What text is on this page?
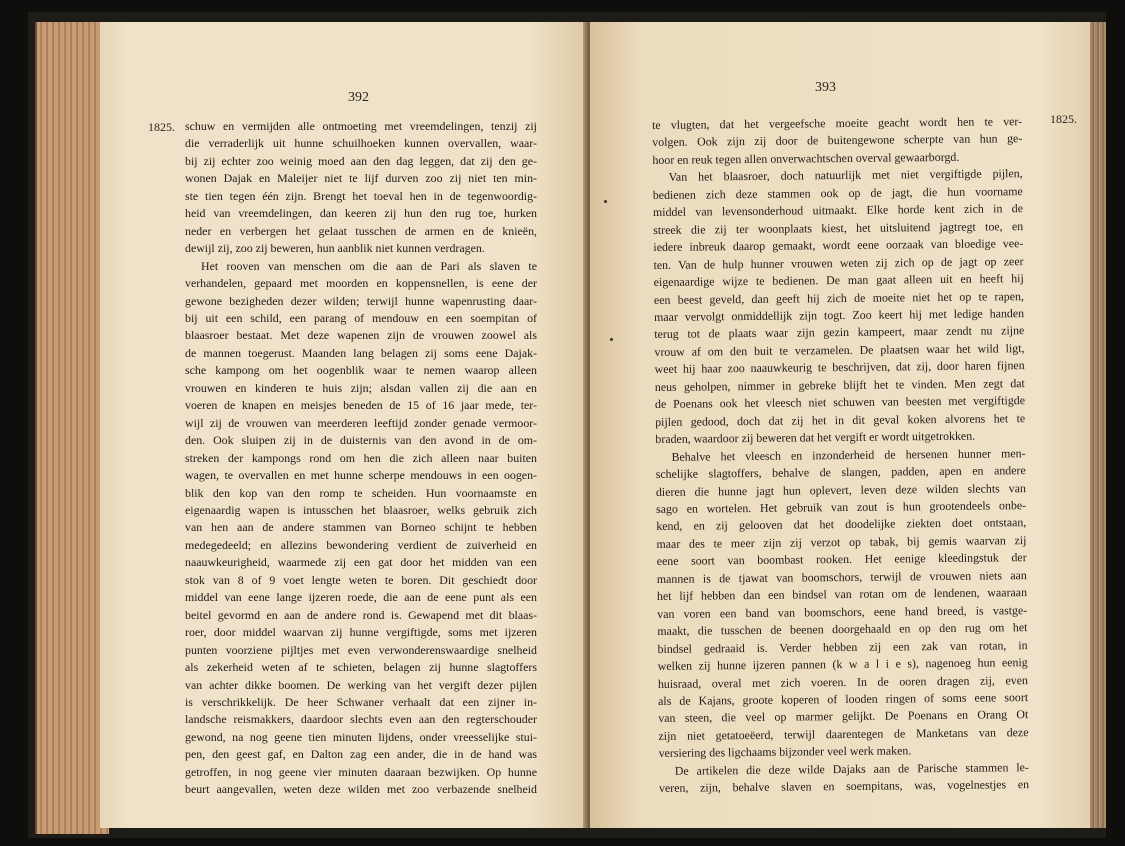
392
1825. schuw en vermijden alle ontmoeting met vreemdelingen, tenzij zij
die verraderlijk uit hunne schuilhoeken kunnen overvallen, waar-
bij zij echter zoo weinig moed aan den dag leggen, dat zij den ge-
wonen Dajak en Maleijer niet te lijf durven zoo zij niet ten min-
ste tien tegen één zijn. Brengt het toeval hen in de tegenwoordig-
heid van vreemdelingen, dan keeren zij hun den rug toe, hurken
neder en verbergen het gelaat tusschen de armen en de knieën,
dewijl zij, zoo zij beweren, hun aanblik niet kunnen verdragen.
Het rooven van menschen om die aan de Pari als slaven te
verhandelen, gepaard met moorden en koppensnellen, is eene der
gewone bezigheden dezer wilden; terwijl hunne wapenrusting daar-
bij uit een schild, een parang of mendouw en een soempitan of
blaasroer bestaat. Met deze wapenen zijn de vrouwen zoowel als
de mannen toegerust. Maanden lang belagen zij soms eene Dajak-
sche kampong om het oogenblik waar te nemen waarop alleen
vrouwen en kinderen te huis zijn; alsdan vallen zij die aan en
voeren de knapen en meisjes beneden de 15 of 16 jaar mede, ter-
wijl zij de vrouwen van meerderen leeftijd zonder genade vermoor-
den. Ook sluipen zij in de duisternis van den avond in de om-
streken der kampongs rond om hen die zich alleen naar buiten
wagen, te overvallen en met hunne scherpe mendouws in een oogen-
blik den kop van den romp te scheiden. Hun voornaamste en
eigenaardig wapen is intusschen het blaasroer, welks gebruik zich
van hen aan de andere stammen van Borneo schijnt te hebben
medegedeeld; en allezins bewondering verdient de zuiverheid en
naauwkeurigheid, waarmede zij een gat door het midden van een
stok van 8 of 9 voet lengte weten te boren. Dit geschiedt door
middel van eene lange ijzeren roede, die aan de eene punt als een
beitel gevormd en aan de andere rond is. Gewapend met dit blaas-
roer, door middel waarvan zij hunne vergiftigde, soms met ijzeren
punten voorziene pijltjes met even verwonderenswaardige snelheid
als zekerheid weten af te schieten, belagen zij hunne slagtoffers
van achter dikke boomen. De werking van het vergift dezer pijlen
is verschrikkelijk. De heer Schwaner verhaalt dat een zijner in-
landsche reismakkers, daardoor slechts even aan den regterschouder
gewond, na nog geene tien minuten lijdens, onder vreesselijke stui-
pen, den geest gaf, en Dalton zag een ander, die in de hand was
getroffen, in nog geene vier minuten daaraan bezwijken. Op hunne
beurt aangevallen, weten deze wilden met zoo verbazende snelheid
393
1825.
te vlugten, dat het vergeefsche moeite geacht wordt hen te ver-
volgen. Ook zijn zij door de buitengewone scherpte van hun ge-
hoor en reuk tegen allen onverwachtschen overval gewaarborgd.
Van het blaasroer, doch natuurlijk met niet vergiftigde pijlen,
bedienen zich deze stammen ook op de jagt, die hun voorname
middel van levensonderhoud uitmaakt. Elke horde kent zich in de
streek die zij ter woonplaats kiest, het uitsluitend jagtregt toe, en
iedere inbreuk daarop gemaakt, wordt eene oorzaak van bloedige vee-
ten. Van de hulp hunner vrouwen weten zij zich op de jagt op zeer
eigenaardige wijze te bedienen. De man gaat alleen uit en heeft hij
een beest geveld, dan geeft hij zich de moeite niet het op te rapen,
maar vervolgt onmiddellijk zijn togt. Zoo keert hij met ledige handen
terug tot de plaats waar zijn gezin kampeert, maar zendt nu zijne
vrouw af om den buit te verzamelen. De plaatsen waar het wild ligt,
weet hij haar zoo naauwkeurig te beschrijven, dat zij, door haren fijnen
neus geholpen, nimmer in gebreke blijft het te vinden. Men zegt dat
de Poenans ook het vleesch niet schuwen van beesten met vergiftigde
pijlen gedood, doch dat zij het in dit geval koken alvorens het te
braden, waardoor zij beweren dat het vergift er wordt uitgetrokken.
Behalve het vleesch en inzonderheid de hersenen hunner men-
schelijke slagtoffers, behalve de slangen, padden, apen en andere
dieren die hunne jagt hun oplevert, leven deze wilden slechts van
sago en wortelen. Het gebruik van zout is hun grootendeels onbe-
kend, en zij gelooven dat het doodelijke ziekten doet ontstaan,
maar des te meer zijn zij verzot op tabak, bij gemis waarvan zij
eene soort van boombast rooken. Het eenige kleedingstuk der
mannen is de tjawat van boomschors, terwijl de vrouwen niets aan
het lijf hebben dan een bindsel van rotan om de lendenen, waaraan
van voren een band van boomschors, eene hand breed, is vastge-
maakt, die tusschen de beenen doorgehaald en op den rug om het
bindsel gedraaid is. Verder hebben zij een zak van rotan, in
welken zij hunne ijzeren pannen (k w a l i e s), nagenoeg hun eenig
huisraad, overal met zich voeren. In de ooren dragen zij, even
als de Kajans, groote koperen of looden ringen of soms eene soort
van steen, die veel op marmer gelijkt. De Poenans en Orang Ot
zijn niet getatoeëerd, terwijl daarentegen de Manketans van deze
versiering des ligchaams bijzonder veel werk maken.
De artikelen die deze wilde Dajaks aan de Parische stammen le-
veren, zijn, behalve slaven en soempitans, was, vogelnestjes en
